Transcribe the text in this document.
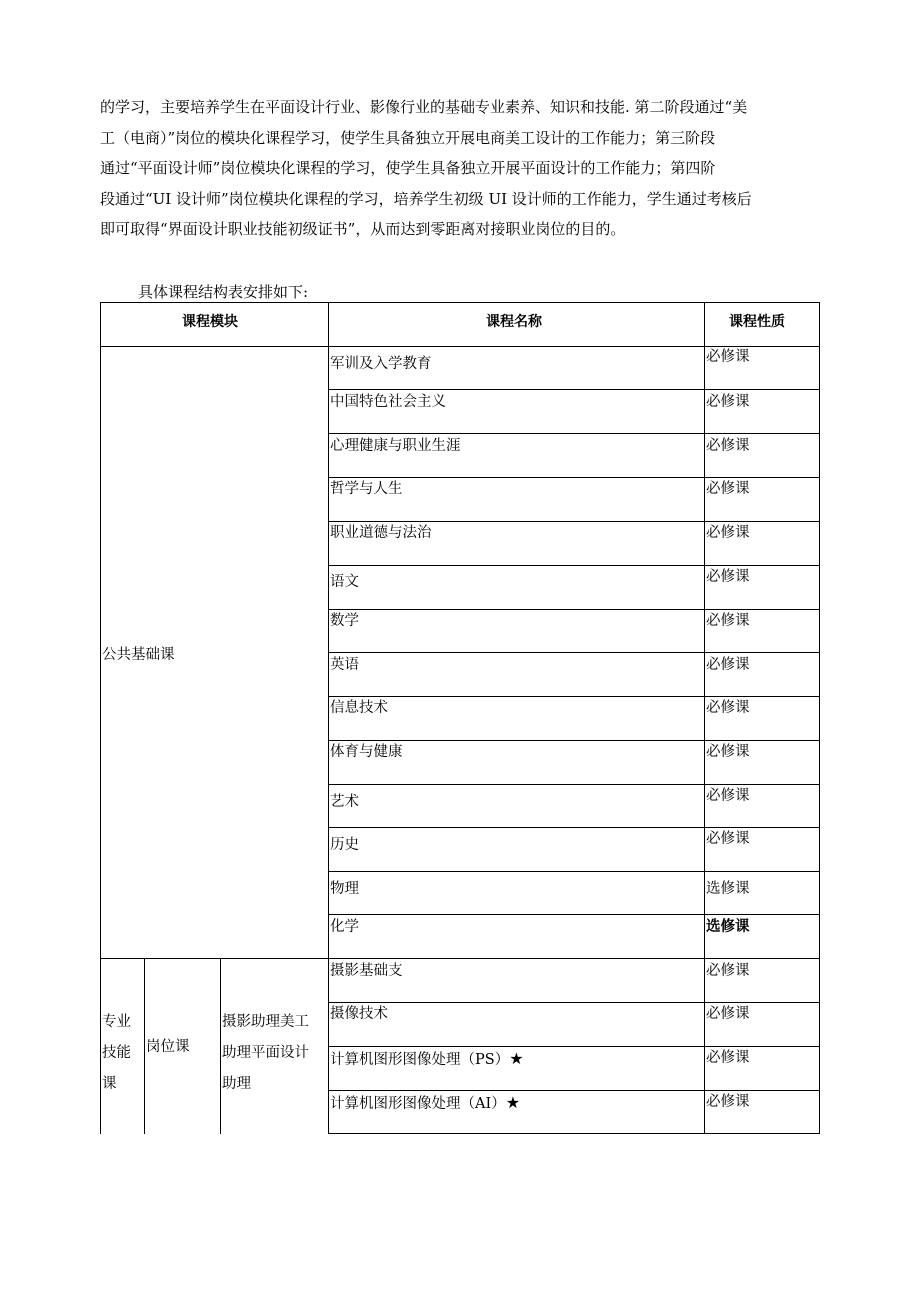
的学习，主要培养学生在平面设计行业、影像行业的基础专业素养、知识和技能. 第二阶段通过“美
工（电商）”岗位的模块化课程学习，使学生具备独立开展电商美工设计的工作能力；第三阶段
通过“平面设计师”岗位模块化课程的学习，使学生具备独立开展平面设计的工作能力；第四阶
段通过“UI 设计师”岗位模块化课程的学习，培养学生初级 UI 设计师的工作能力，学生通过考核后
即可取得“界面设计职业技能初级证书”，从而达到零距离对接职业岗位的目的。
具体课程结构表安排如下:
课程模块	课程名称	课程性质
公共基础课
军训及入学教育	必修课
中国特色社会主义	必修课
心理健康与职业生涯	必修课
哲学与人生	必修课
职业道德与法治	必修课
语文	必修课
数学	必修课
英语	必修课
信息技术	必修课
体育与健康	必修课
艺术	必修课
历史	必修课
物理	选修课
化学	选修课
专业
技能
课
岗位课
摄影助理美工
助理平面设计
助理
摄影基础支	必修课
摄像技术	必修课
计算机图形图像处理（PS）★	必修课
计算机图形图像处理（AI）★	必修课
